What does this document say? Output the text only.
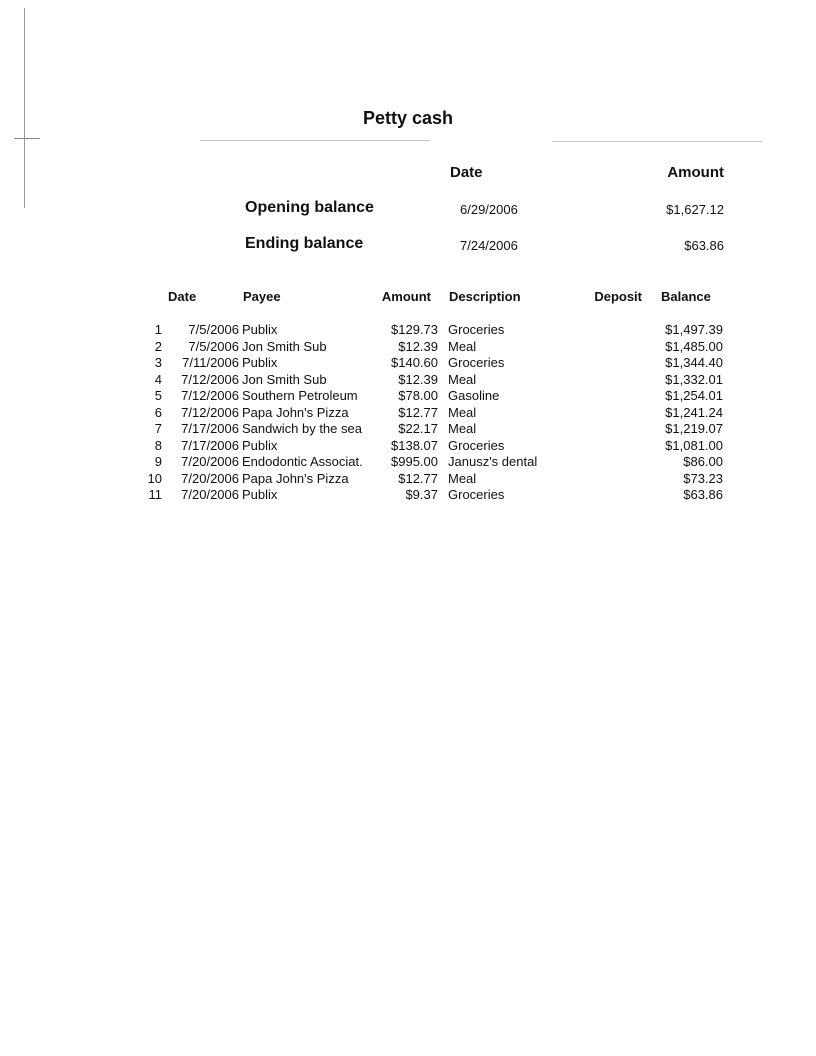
Petty cash
Date	Amount
Opening balance	6/29/2006	$1,627.12
Ending balance	7/24/2006	$63.86
Date	Payee	Amount Description	Deposit Balance
1 7/5/2006 Publix	$129.73 Groceries	$1,497.39
2 7/5/2006 Jon Smith Sub	$12.39 Meal	$1,485.00
3 7/11/2006 Publix	$140.60 Groceries	$1,344.40
4 7/12/2006 Jon Smith Sub	$12.39 Meal	$1,332.01
5 7/12/2006 Southern Petroleum	$78.00 Gasoline	$1,254.01
6 7/12/2006 Papa John's Pizza	$12.77 Meal	$1,241.24
7 7/17/2006 Sandwich by the sea	$22.17 Meal	$1,219.07
8 7/17/2006 Publix	$138.07 Groceries	$1,081.00
9 7/20/2006 Endodontic Associat. $995.00 Janusz's dental	$86.00
10 7/20/2006 Papa John's Pizza	$12.77 Meal	$73.23
11 7/20/2006 Publix	$9.37 Groceries	$63.86
